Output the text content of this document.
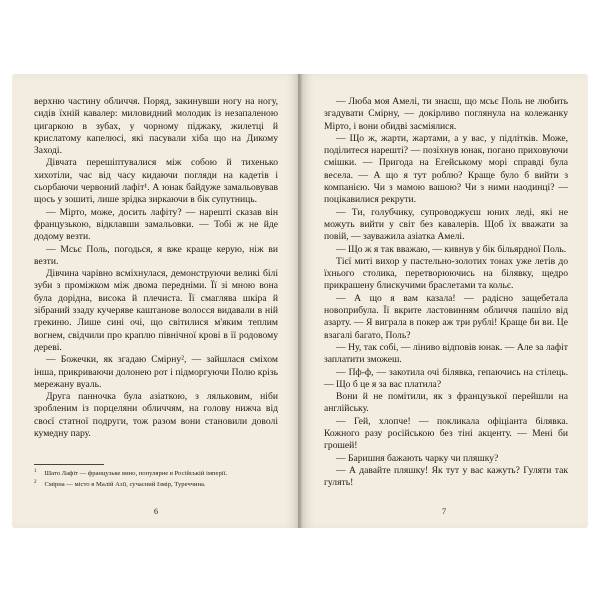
верхню частину обличчя. Поряд, закинувши ногу на ногу, сидів їхній кавалер: миловидний молодик із незапаленою цигаркою в зубах, у чорному піджаку, жилетці й крислатому капелюсі, які пасували хіба що на Дикому Заході.

Дівчата перешіптувалися між собою й тихенько хихотіли, час від часу кидаючи погляди на кадетів і сьорбаючи червоний лафіт¹. А юнак байдуже замальовував щось у зошиті, лише зрідка зиркаючи в бік супутниць.

— Мірто, може, досить лафіту? — нарешті сказав він французькою, відклавши замальовки. — Тобі ж не йде додому везти.

— Мсьє Поль, погодься, я вже краще керую, ніж ви везти.

Дівчина чарівно всміхнулася, демонструючи великі білі зуби з проміжком між двома передніми. Її зі мною вона була дорідна, висока й плечиста. Її смаглява шкіра й зібраний ззаду кучеряве каштанове волосся видавали в ній грекиню. Лише сині очі, що світилися м'яким теплим вогнем, свідчили про краплю північної крові в її родовому дереві.

— Божечки, як згадаю Смірну², — зайшлася сміхом інша, прикриваючи долонею рот і підморгуючи Полю крізь мережану вуаль.

Друга панночка була азіаткою, з ляльковим, ніби зробленим із порцеляни обличчям, на голову нижча від своєї статної подруги, тож разом вони становили доволі кумедну пару.

$^1$ Шато Лафіт — французьке вино, популярне в Російській імперії.
$^2$ Смірна — місто в Малій Азії, сучасний Ізмір, Туреччина.
6

— Люба моя Амелі, ти знаєш, що мсьє Поль не любить згадувати Смірну, — докірливо поглянула на колежанку Мірто, і вони обидві засміялися.

— Що ж, жарти, жартами, а у вас, у підлітків. Може, поділитеся нарешті? — позіхнув юнак, погано приховуючи смішки. — Пригода на Егейському морі справді була весела. — А що я тут роблю? Краще було б вийти з компанією. Чи з мамою вашою? Чи з ними наодинці? — поцікавилися рекрути.

— Ти, голубчику, супроводжуєш юних леді, які не можуть вийти у світ без кавалерів. Щоб їх вважати за повій, — зауважила азіатка Амелі.

— Що ж я так вважаю, — кивнув у бік більярдної Поль.

Тієї миті вихор у пастельно-золотих тонах уже летів до їхнього столика, перетворюючись на білявку, щедро прикрашену блискучими браслетами та кольє.

— А що я вам казала! — радісно защебетала новоприбула. Її вкрите ластовинням обличчя пашіло від азарту. — Я виграла в покер аж три рублі! Краще би ви. Це взагалі багато, Поль?

— Ну, так собі, — ліниво відповів юнак. — Але за лафіт заплатити зможеш.

— Пф-ф, — закотила очі білявка, гепаючись на стілець. — Що б це я за вас платила?

Вони й не помітили, як з французької перейшли на англійську.

— Гей, хлопче! — покликала офіціанта білявка. Кожного разу російською без тіні акценту. — Мені би грошей!

— Баришня бажають чарку чи пляшку?

— А давайте пляшку! Як тут у вас кажуть? Гуляти так гулять!

7
